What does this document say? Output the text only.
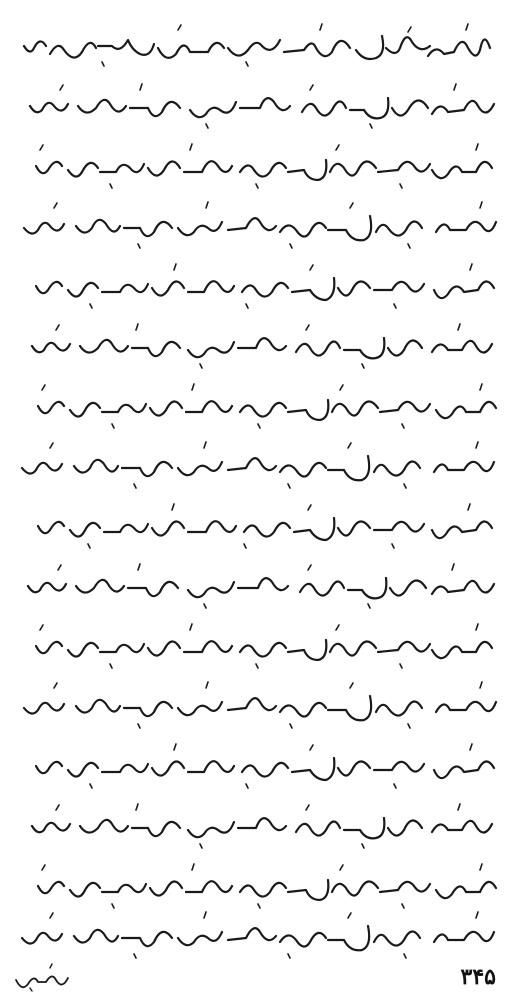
۳۴۵
